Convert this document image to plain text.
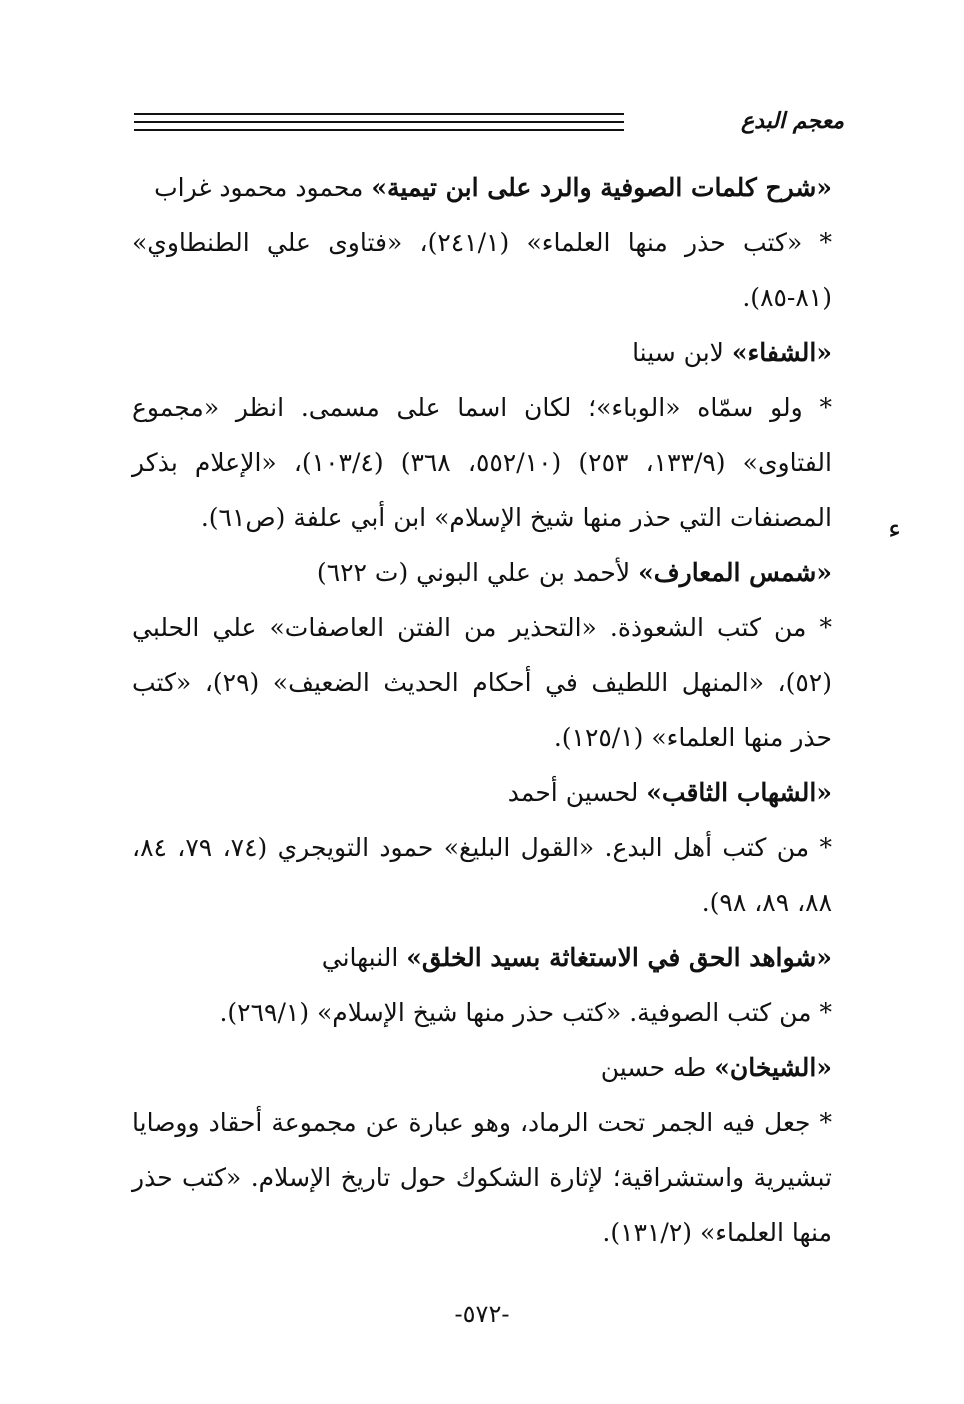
معجم البدع
ء

«شرح كلمات الصوفية والرد على ابن تيمية» محمود محمود غراب

* «كتب حذر منها العلماء» (٢٤١/١)، «فتاوى علي الطنطاوي» (٨١-٨٥).

«الشفاء» لابن سينا

* ولو سمّاه «الوباء»؛ لكان اسما على مسمى. انظر «مجموع الفتاوى» (١٣٣/٩، ٢٥٣) (٥٥٢/١٠، ٣٦٨) (١٠٣/٤)، «الإعلام بذكر المصنفات التي حذر منها شيخ الإسلام» ابن أبي علفة (ص٦١).

«شمس المعارف» لأحمد بن علي البوني (ت ٦٢٢)

* من كتب الشعوذة. «التحذير من الفتن العاصفات» علي الحلبي (٥٢)، «المنهل اللطيف في أحكام الحديث الضعيف» (٢٩)، «كتب حذر منها العلماء» (١٢٥/١).

«الشهاب الثاقب» لحسين أحمد

* من كتب أهل البدع. «القول البليغ» حمود التويجري (٧٤، ٧٩، ٨٤، ٨٨، ٨٩، ٩٨).

«شواهد الحق في الاستغاثة بسيد الخلق» النبهاني

* من كتب الصوفية. «كتب حذر منها شيخ الإسلام» (٢٦٩/١).

«الشيخان» طه حسين

* جعل فيه الجمر تحت الرماد، وهو عبارة عن مجموعة أحقاد ووصايا تبشيرية واستشراقية؛ لإثارة الشكوك حول تاريخ الإسلام. «كتب حذر منها العلماء» (١٣١/٢).

-٥٧٢-
